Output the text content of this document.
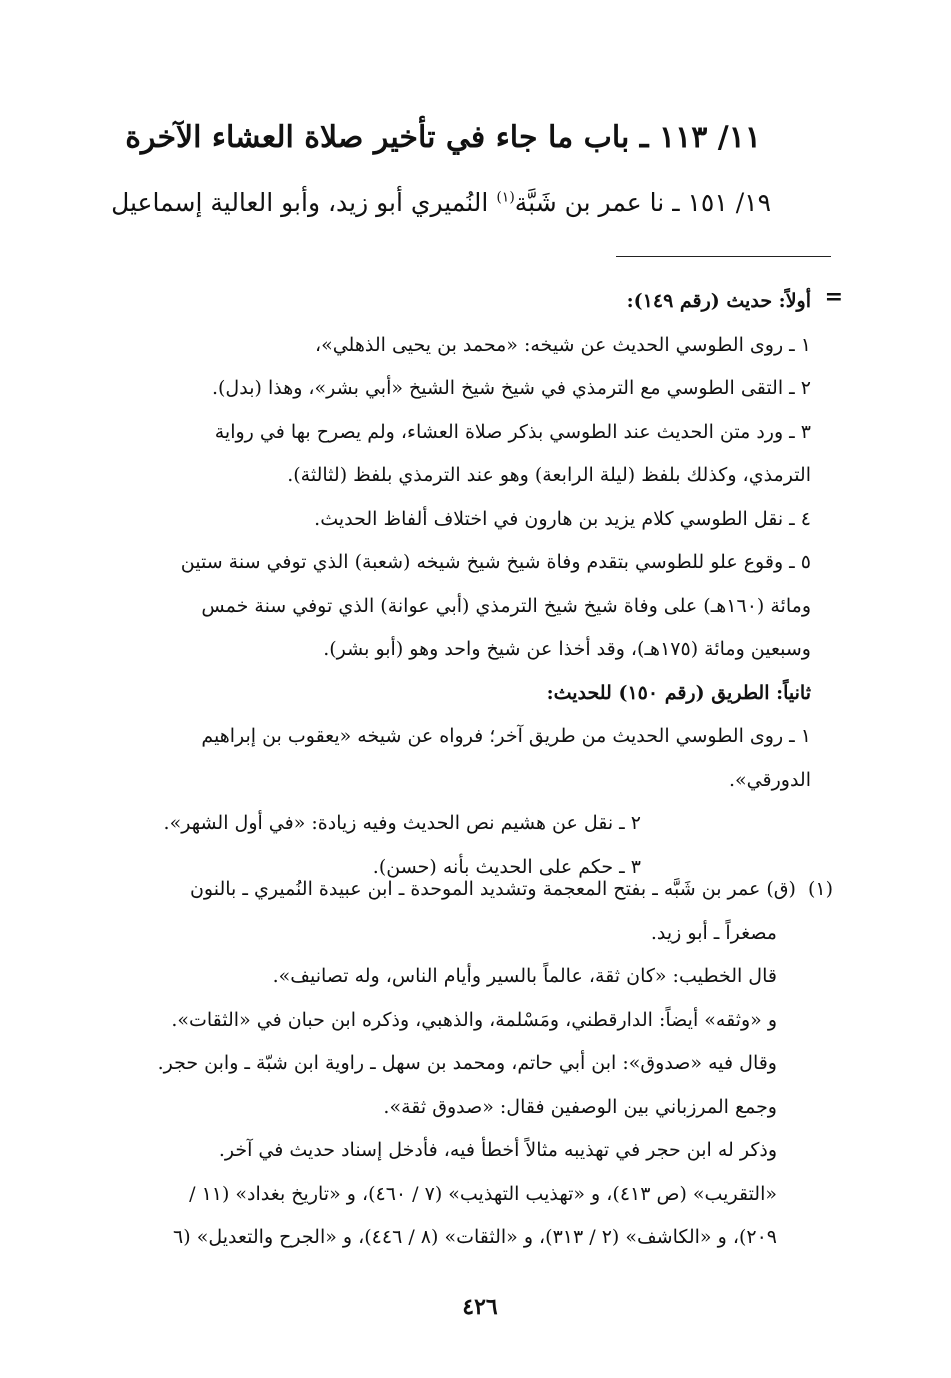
١١/ ١١٣ ـ باب ما جاء في تأخير صلاة العشاء الآخرة
١٩/ ١٥١ ـ نا عمر بن شَبَّة$^{(١)}$ النُميري أبو زيد، وأبو العالية إسماعيل
=
أولاً: حديث (رقم ١٤٩):
١ ـ روى الطوسي الحديث عن شيخه: «محمد بن يحيى الذهلي»،
٢ ـ التقى الطوسي مع الترمذي في شيخ شيخ الشيخ «أبي بشر»، وهذا (بدل).
٣ ـ ورد متن الحديث عند الطوسي بذكر صلاة العشاء، ولم يصرح بها في رواية
الترمذي، وكذلك بلفظ (ليلة الرابعة) وهو عند الترمذي بلفظ (لثالثة).
٤ ـ نقل الطوسي كلام يزيد بن هارون في اختلاف ألفاظ الحديث.
٥ ـ وقوع علو للطوسي بتقدم وفاة شيخ شيخ شيخه (شعبة) الذي توفي سنة ستين
ومائة (١٦٠هـ) على وفاة شيخ شيخ الترمذي (أبي عوانة) الذي توفي سنة خمس
وسبعين ومائة (١٧٥هـ)، وقد أخذا عن شيخ واحد وهو (أبو بشر).
ثانياً: الطريق (رقم ١٥٠) للحديث:
١ ـ روى الطوسي الحديث من طريق آخر؛ فرواه عن شيخه «يعقوب بن إبراهيم
الدورقي».
٢ ـ نقل عن هشيم نص الحديث وفيه زيادة: «في أول الشهر».
٣ ـ حكم على الحديث بأنه (حسن).
(١)(ق) عمر بن شَبَّه ـ بفتح المعجمة وتشديد الموحدة ـ ابن عبيدة النُميري ـ بالنون
مصغراً ـ أبو زيد.
قال الخطيب: «كان ثقة، عالماً بالسير وأيام الناس، وله تصانيف».
و «وثقه» أيضاً: الدارقطني، ومَسْلمة، والذهبي، وذكره ابن حبان في «الثقات».
وقال فيه «صدوق»: ابن أبي حاتم، ومحمد بن سهل ـ راوية ابن شبّة ـ وابن حجر.
وجمع المرزباني بين الوصفين فقال: «صدوق ثقة».
وذكر له ابن حجر في تهذيبه مثالاً أخطأ فيه، فأدخل إسناد حديث في آخر.
«التقريب» (ص ٤١٣)، و «تهذيب التهذيب» (٧ / ٤٦٠)، و «تاريخ بغداد» (١١ /
٢٠٩)، و «الكاشف» (٢ / ٣١٣)، و «الثقات» (٨ / ٤٤٦)، و «الجرح والتعديل» (٦
٤٢٦
